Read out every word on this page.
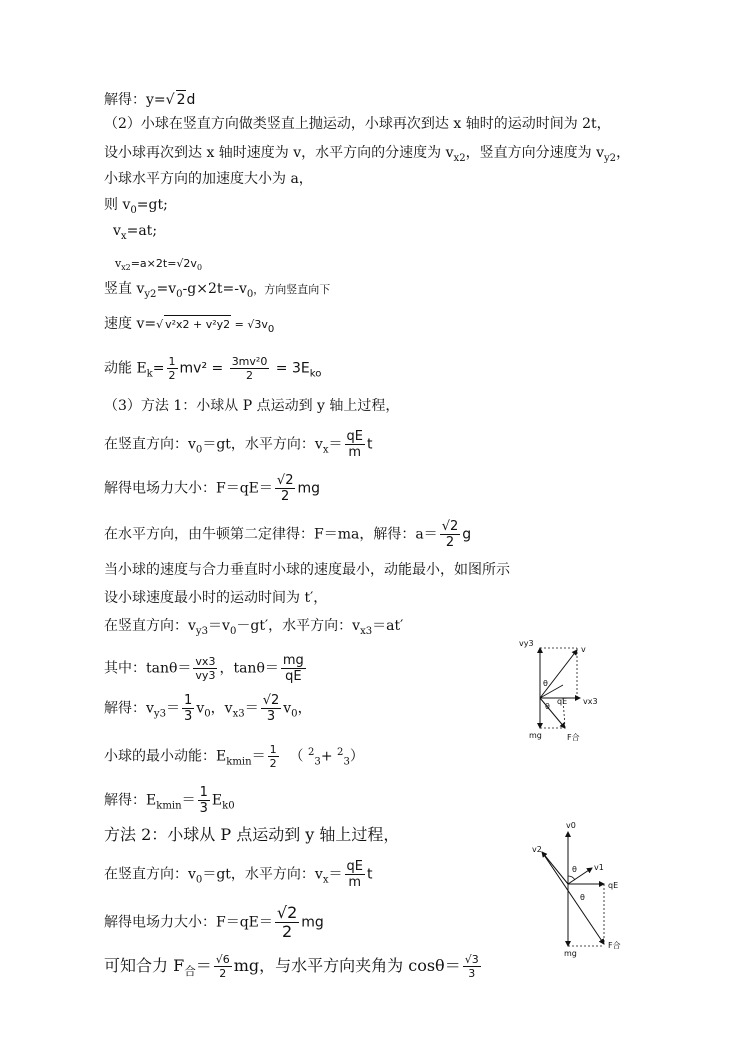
解得：y=√ 2d
（2）小球在竖直方向做类竖直上抛运动，小球再次到达 x 轴时的运动时间为 2t，
设小球再次到达 x 轴时速度为 v，水平方向的分速度为 $v_{x2}$，竖直方向分速度为 $v_{y2}$，
小球水平方向的加速度大小为 a，
则 $v_0=gt$;
$v_x=at$;
$v_{x2}=a\times 2t=√2v_0$
竖直 $v_{y2}=v_0-g\times 2t=-v_0$，方向竖直向下
速度 v=√ $v^2x2 + v^2y2 = √3v_0$
动能 $E_k= \frac{1}{2} mv^2 = \frac{\text{3mv²0}}{2} = 3E_{ko}$
（3）方法 1：小球从 P 点运动到 y 轴上过程，
在竖直方向：$v_0=gt$，水平方向：$v_x= \frac{qE}{m}$ t
解得电场力大小：$F=qE= \frac{√2}{2}$ mg
在水平方向，由牛顿第二定律得：F＝ma，解得：$a= \frac{√2}{2}$ g
当小球的速度与合力垂直时小球的速度最小，动能最小，如图所示
设小球速度最小时的运动时间为 t′，
在竖直方向：$v_{y3}=v_0-gt'$，水平方向：$v_{x3}=at'$
其中：$\tan\theta= \frac{vx3}{vy3}$ ，$\tan\theta= \frac{mg}{qE}$
解得：$v_{y3}= \frac{1}{3} v_0$，$v_{x3}= \frac{√2}{3} v_0$，
小球的最小动能：$E_{kmin}= \frac{1}{2}$ （ $^2_3$+ $^2_3$）
解得：$E_{kmin}= \frac{1}{3} E_{k0}$
方法 2：小球从 P 点运动到 y 轴上过程，
在竖直方向：$v_0=gt$，水平方向：$v_x= \frac{qE}{m}$ t
解得电场力大小：$F=qE= \frac{√2}{2}$ mg
可知合力 $F_合= \frac{√6}{2}$ mg，与水平方向夹角为 $\cos\theta= \frac{√3}{3}$
vy3
v
θ
θ
qE vx3
mg	F合
v0
v2
θ v1
qE
θ
mg
F合
